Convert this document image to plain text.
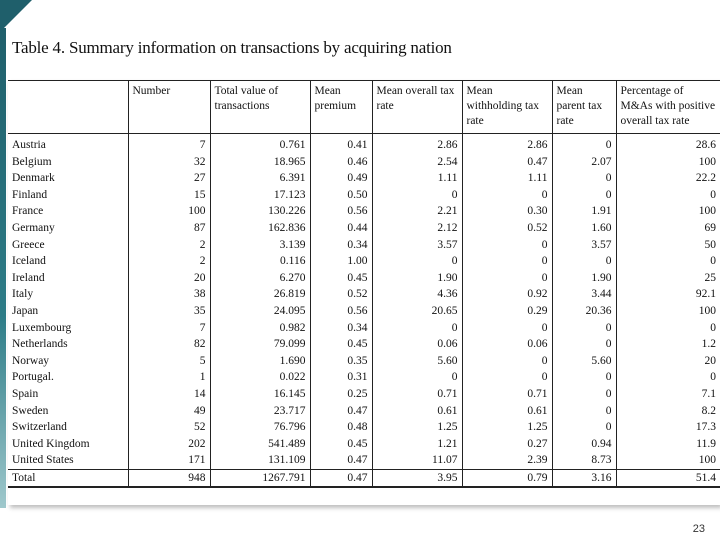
Table 4. Summary information on transactions by acquiring nation
	Number	Total value of transactions	Mean premium	Mean overall tax rate	Mean withholding tax rate	Mean parent tax rate	Percentage of M&As with positive overall tax rate
Austria	7	0.761	0.41	2.86	2.86	0	28.6
Belgium	32	18.965	0.46	2.54	0.47	2.07	100
Denmark	27	6.391	0.49	1.11	1.11	0	22.2
Finland	15	17.123	0.50	0	0	0	0
France	100	130.226	0.56	2.21	0.30	1.91	100
Germany	87	162.836	0.44	2.12	0.52	1.60	69
Greece	2	3.139	0.34	3.57	0	3.57	50
Iceland	2	0.116	1.00	0	0	0	0
Ireland	20	6.270	0.45	1.90	0	1.90	25
Italy	38	26.819	0.52	4.36	0.92	3.44	92.1
Japan	35	24.095	0.56	20.65	0.29	20.36	100
Luxembourg	7	0.982	0.34	0	0	0	0
Netherlands	82	79.099	0.45	0.06	0.06	0	1.2
Norway	5	1.690	0.35	5.60	0	5.60	20
Portugal.	1	0.022	0.31	0	0	0	0
Spain	14	16.145	0.25	0.71	0.71	0	7.1
Sweden	49	23.717	0.47	0.61	0.61	0	8.2
Switzerland	52	76.796	0.48	1.25	1.25	0	17.3
United Kingdom	202	541.489	0.45	1.21	0.27	0.94	11.9
United States	171	131.109	0.47	11.07	2.39	8.73	100
Total	948	1267.791	0.47	3.95	0.79	3.16	51.4
23
